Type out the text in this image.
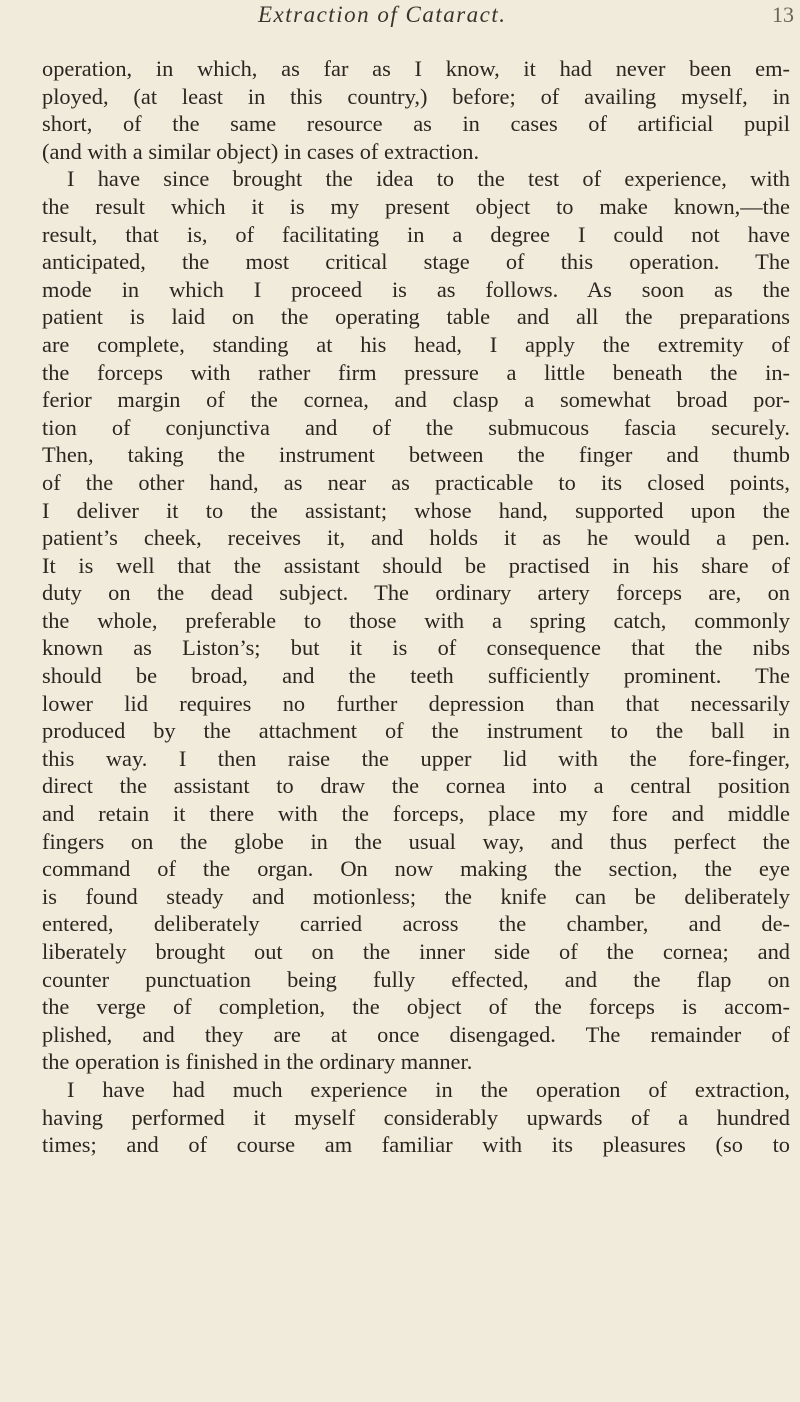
Extraction of Cataract.	13
operation, in which, as far as I know, it had never been em-
ployed, (at least in this country,) before; of availing myself, in
short, of the same resource as in cases of artificial pupil
(and with a similar object) in cases of extraction.
I have since brought the idea to the test of experience, with
the result which it is my present object to make known,—the
result, that is, of facilitating in a degree I could not have
anticipated, the most critical stage of this operation. The
mode in which I proceed is as follows. As soon as the
patient is laid on the operating table and all the preparations
are complete, standing at his head, I apply the extremity of
the forceps with rather firm pressure a little beneath the in-
ferior margin of the cornea, and clasp a somewhat broad por-
tion of conjunctiva and of the submucous fascia securely.
Then, taking the instrument between the finger and thumb
of the other hand, as near as practicable to its closed points,
I deliver it to the assistant; whose hand, supported upon the
patient’s cheek, receives it, and holds it as he would a pen.
It is well that the assistant should be practised in his share of
duty on the dead subject. The ordinary artery forceps are, on
the whole, preferable to those with a spring catch, commonly
known as Liston’s; but it is of consequence that the nibs
should be broad, and the teeth sufficiently prominent. The
lower lid requires no further depression than that necessarily
produced by the attachment of the instrument to the ball in
this way. I then raise the upper lid with the fore-finger,
direct the assistant to draw the cornea into a central position
and retain it there with the forceps, place my fore and middle
fingers on the globe in the usual way, and thus perfect the
command of the organ. On now making the section, the eye
is found steady and motionless; the knife can be deliberately
entered, deliberately carried across the chamber, and de-
liberately brought out on the inner side of the cornea; and
counter punctuation being fully effected, and the flap on
the verge of completion, the object of the forceps is accom-
plished, and they are at once disengaged. The remainder of
the operation is finished in the ordinary manner.
I have had much experience in the operation of extraction,
having performed it myself considerably upwards of a hundred
times; and of course am familiar with its pleasures (so to
